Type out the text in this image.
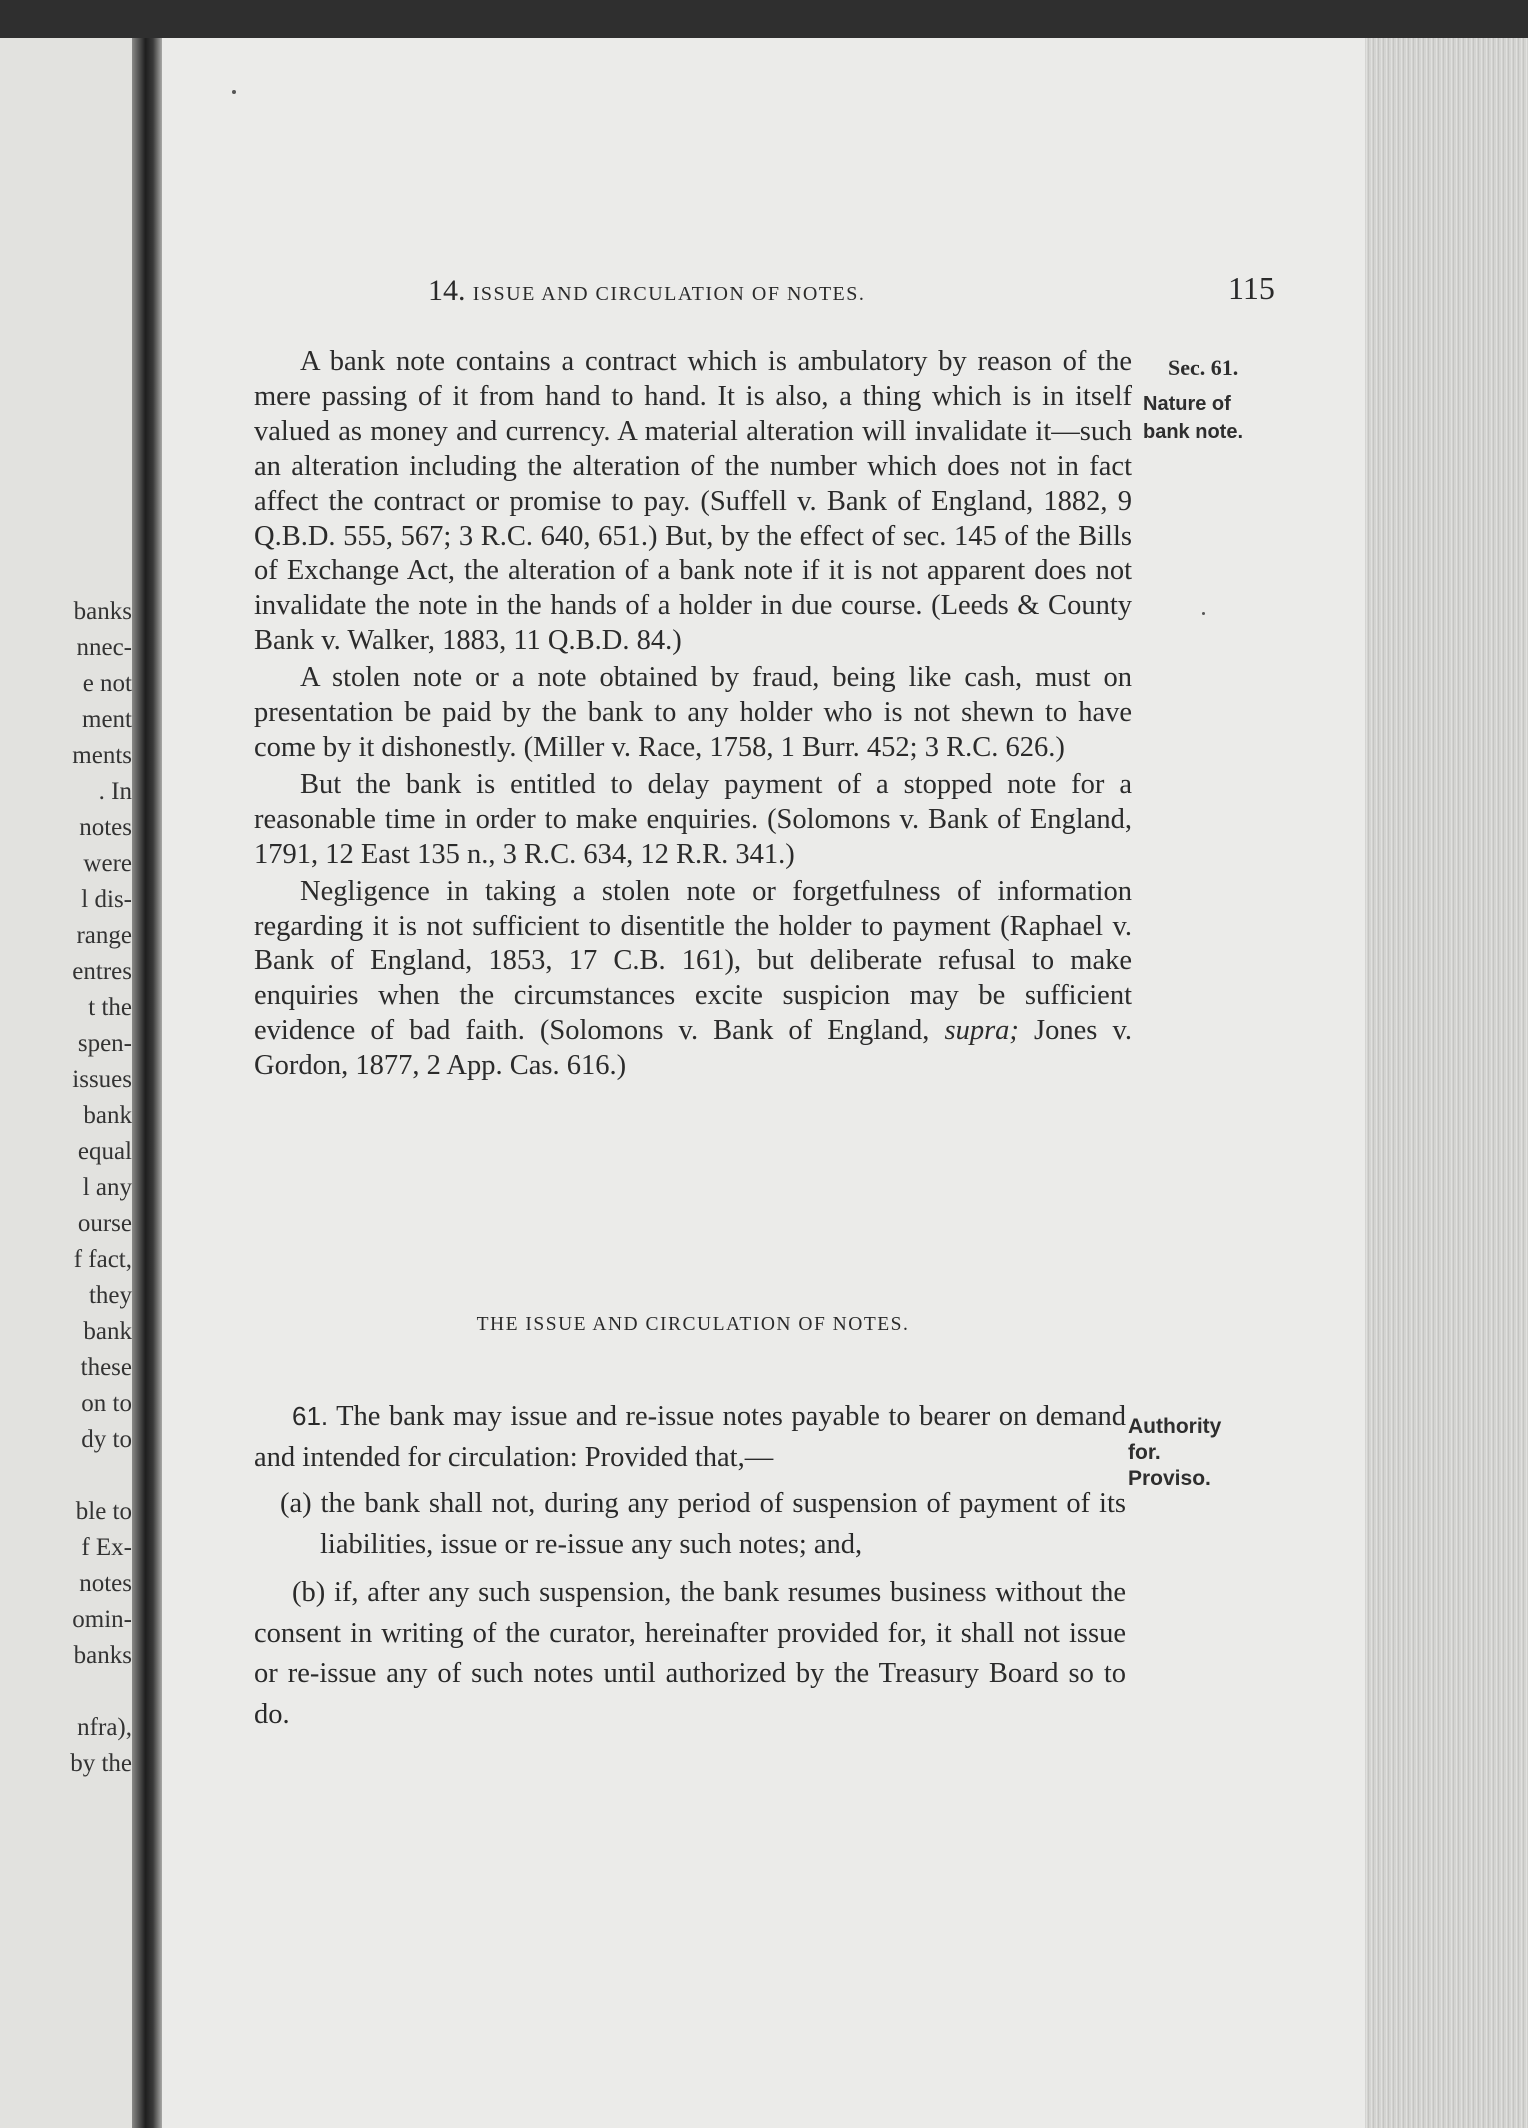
banks
nnec-
e not
ment
ments
. In
notes
were
l dis-
range
entres
t the
spen-
issues
bank
equal
l any
ourse
f fact,
they
bank
these
on to
dy to
ble to
f Ex-
notes
omin-
banks
nfra),
by the
14. ISSUE AND CIRCULATION OF NOTES.	115
Sec. 61.
Nature of
bank note.

A bank note contains a contract which is ambulatory by reason of the mere passing of it from hand to hand. It is also, a thing which is in itself valued as money and currency. A material alteration will invalidate it—such an alteration including the alteration of the number which does not in fact affect the contract or promise to pay. (Suffell v. Bank of England, 1882, 9 Q.B.D. 555, 567; 3 R.C. 640, 651.) But, by the effect of sec. 145 of the Bills of Exchange Act, the alteration of a bank note if it is not apparent does not invalidate the note in the hands of a holder in due course. (Leeds & County Bank v. Walker, 1883, 11 Q.B.D. 84.)

A stolen note or a note obtained by fraud, being like cash, must on presentation be paid by the bank to any holder who is not shewn to have come by it dishonestly. (Miller v. Race, 1758, 1 Burr. 452; 3 R.C. 626.)

But the bank is entitled to delay payment of a stopped note for a reasonable time in order to make enquiries. (Solomons v. Bank of England, 1791, 12 East 135 n., 3 R.C. 634, 12 R.R. 341.)

Negligence in taking a stolen note or forgetfulness of information regarding it is not sufficient to disentitle the holder to payment (Raphael v. Bank of England, 1853, 17 C.B. 161), but deliberate refusal to make enquiries when the circumstances excite suspicion may be sufficient evidence of bad faith. (Solomons v. Bank of England, supra; Jones v. Gordon, 1877, 2 App. Cas. 616.)

THE ISSUE AND CIRCULATION OF NOTES.
Authority
for.
Proviso.

61. The bank may issue and re-issue notes payable to bearer on demand and intended for circulation: Provided that,—

(a) the bank shall not, during any period of suspension of payment of its liabilities, issue or re-issue any such notes; and,

(b) if, after any such suspension, the bank resumes business without the consent in writing of the curator, hereinafter provided for, it shall not issue or re-issue any of such notes until authorized by the Treasury Board so to do.
